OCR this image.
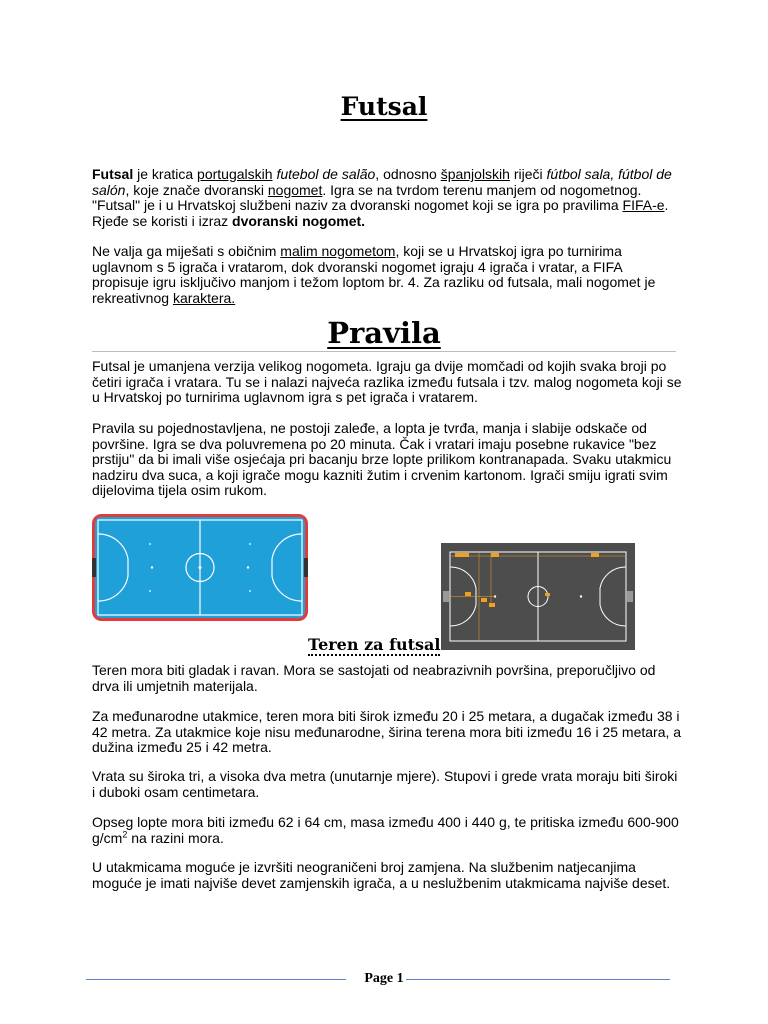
Futsal

Futsal je kratica portugalskih futebol de salão, odnosno španjolskih riječi fútbol sala, fútbol de salón, koje znače dvoranski nogomet. Igra se na tvrdom terenu manjem od nogometnog. "Futsal" je i u Hrvatskoj službeni naziv za dvoranski nogomet koji se igra po pravilima FIFA-e. Rjeđe se koristi i izraz dvoranski nogomet.

Ne valja ga miješati s običnim malim nogometom, koji se u Hrvatskoj igra po turnirima uglavnom s 5 igrača i vratarom, dok dvoranski nogomet igraju 4 igrača i vratar, a FIFA propisuje igru isključivo manjom i težom loptom br. 4. Za razliku od futsala, mali nogomet je rekreativnog karaktera.

Pravila

Futsal je umanjena verzija velikog nogometa. Igraju ga dvije momčadi od kojih svaka broji po četiri igrača i vratara. Tu se i nalazi najveća razlika između futsala i tzv. malog nogometa koji se u Hrvatskoj po turnirima uglavnom igra s pet igrača i vratarem.

Pravila su pojednostavljena, ne postoji zaleđe, a lopta je tvrđa, manja i slabije odskače od površine. Igra se dva poluvremena po 20 minuta. Čak i vratari imaju posebne rukavice "bez prstiju" da bi imali više osjećaja pri bacanju brze lopte prilikom kontranapada. Svaku utakmicu nadziru dva suca, a koji igrače mogu kazniti žutim i crvenim kartonom. Igrači smiju igrati svim dijelovima tijela osim rukom.

Teren za futsal

Teren mora biti gladak i ravan. Mora se sastojati od neabrazivnih površina, preporučljivo od drva ili umjetnih materijala.

Za međunarodne utakmice, teren mora biti širok između 20 i 25 metara, a dugačak između 38 i 42 metra. Za utakmice koje nisu međunarodne, širina terena mora biti između 16 i 25 metara, a dužina između 25 i 42 metra.

Vrata su široka tri, a visoka dva metra (unutarnje mjere). Stupovi i grede vrata moraju biti široki i duboki osam centimetara.

Opseg lopte mora biti između 62 i 64 cm, masa između 400 i 440 g, te pritiska između 600-900 $g/cm^2$ na razini mora.

U utakmicama moguće je izvršiti neograničeni broj zamjena. Na službenim natjecanjima moguće je imati najviše devet zamjenskih igrača, a u neslužbenim utakmicama najviše deset.

Page 1
